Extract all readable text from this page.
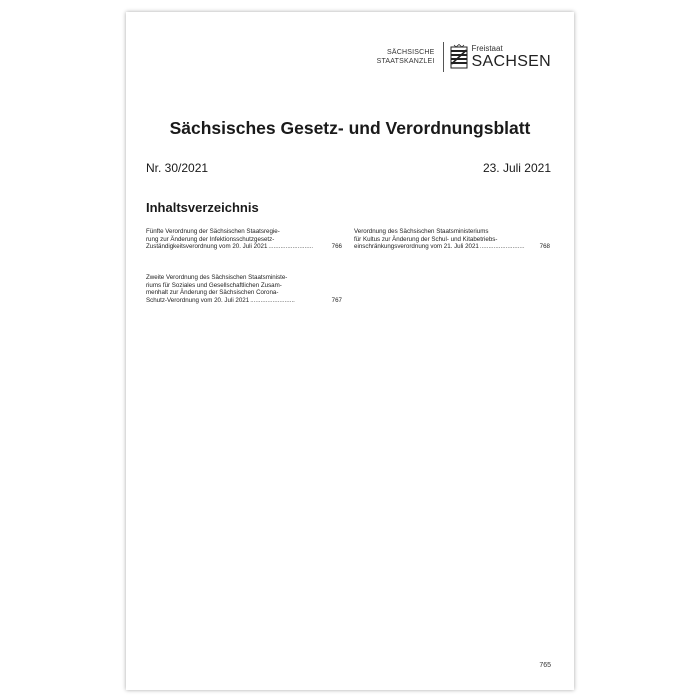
SÄCHSISCHE
STAATSKANZLEI
Freistaat
SACHSEN
Sächsisches Gesetz- und Verordnungsblatt
Nr. 30/2021	23. Juli 2021
Inhaltsverzeichnis
Fünfte Verordnung der Sächsischen Staatsregie-
rung zur Änderung der Infektionsschutzgesetz-
Zuständigkeitsverordnung vom 20. Juli 2021 ..........................	766
Zweite Verordnung des Sächsischen Staatsministe-
riums für Soziales und Gesellschaftlichen Zusam-
menhalt zur Änderung der Sächsischen Corona-
Schutz-Verordnung vom 20. Juli 2021 ..........................	767
Verordnung des Sächsischen Staatsministeriums
für Kultus zur Änderung der Schul- und Kitabetriebs-
einschränkungsverordnung vom 21. Juli 2021 ..........................	768
765
